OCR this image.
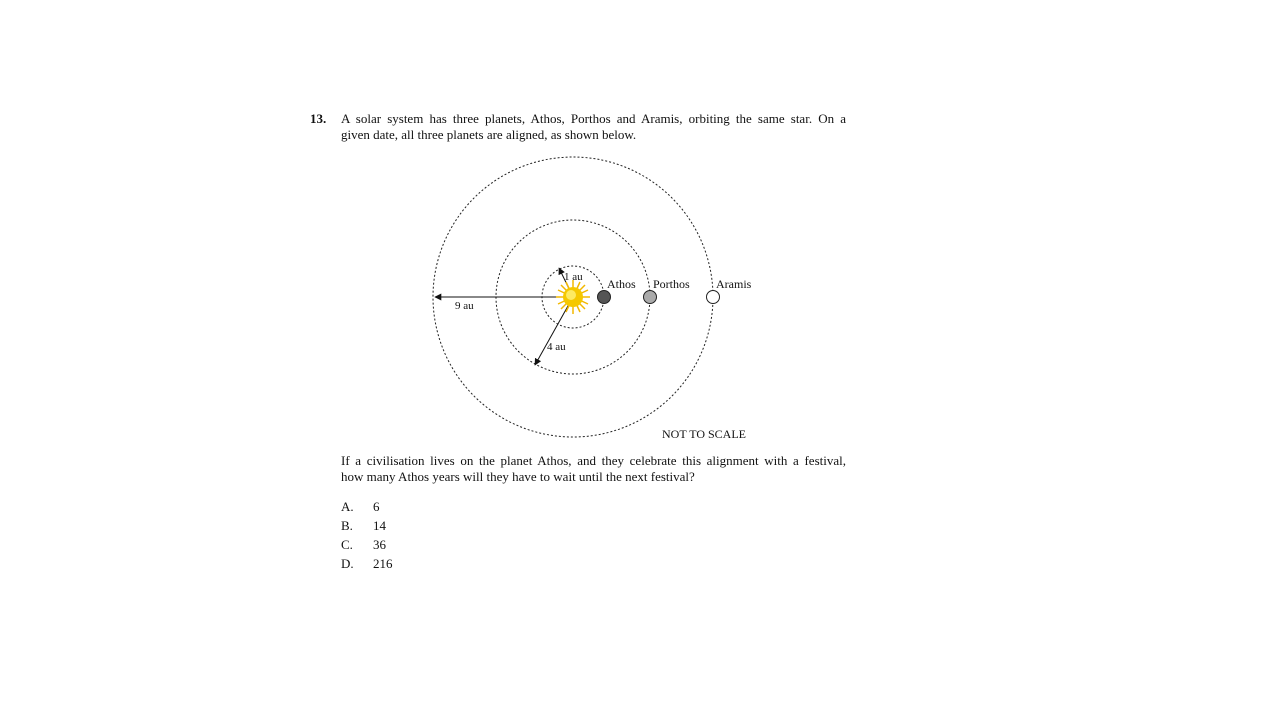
13. A solar system has three planets, Athos, Porthos and Aramis, orbiting the same star. On a
given date, all three planets are aligned, as shown below.
Athos Porthos Aramis
1 au
4 au
9 au
NOT TO SCALE
If a civilisation lives on the planet Athos, and they celebrate this alignment with a festival,
how many Athos years will they have to wait until the next festival?
A. 6
B. 14
C. 36
D. 216
